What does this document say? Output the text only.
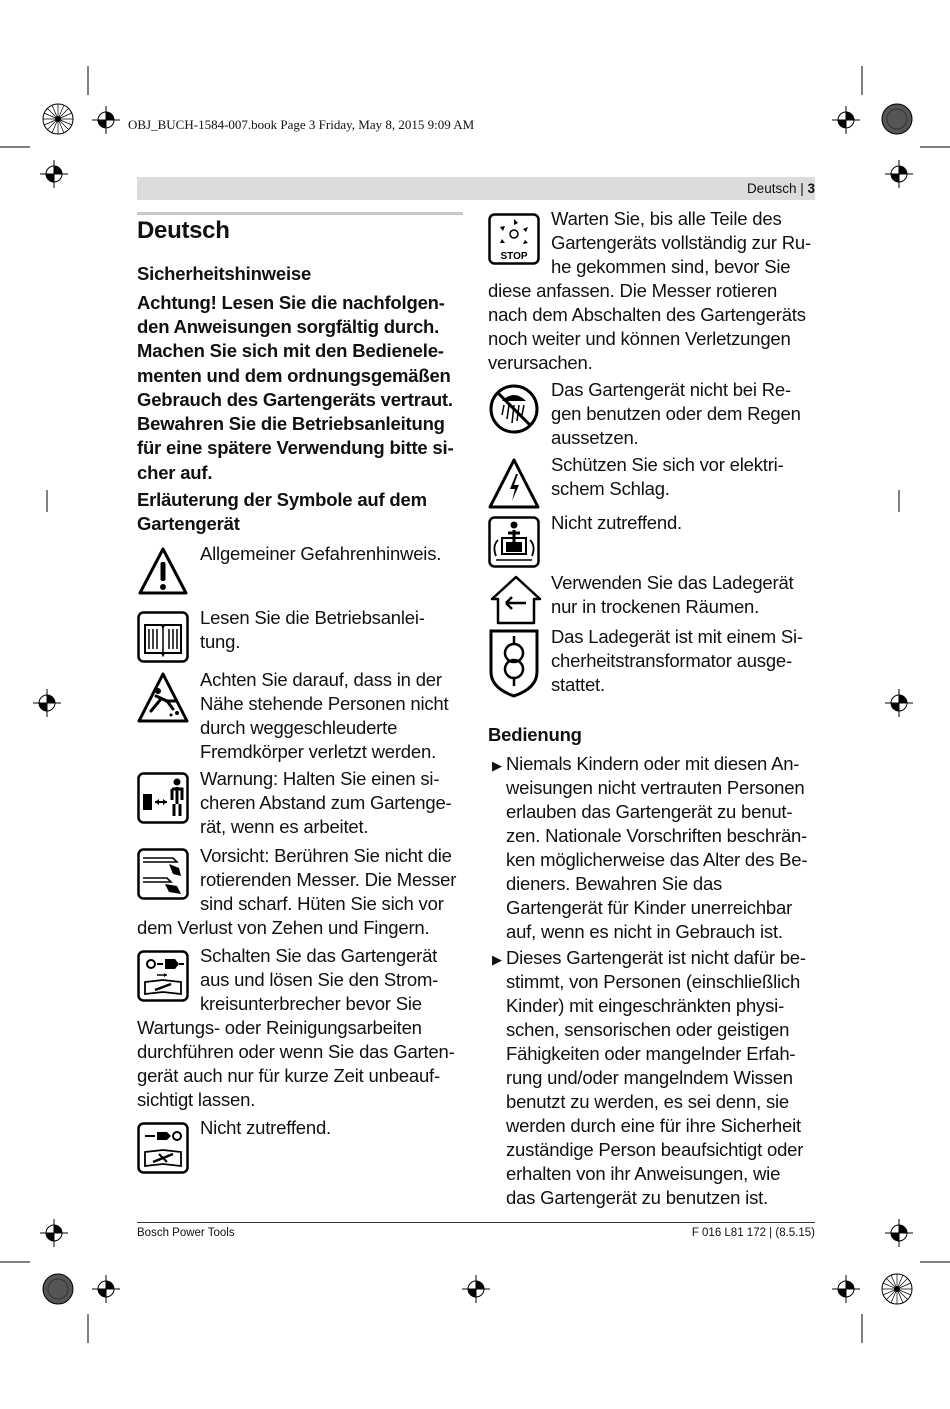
OBJ_BUCH-1584-007.book Page 3 Friday, May 8, 2015 9:09 AM
Deutsch | 3
Deutsch
Sicherheitshinweise
Achtung! Lesen Sie die nachfolgen-
den Anweisungen sorgfältig durch.
Machen Sie sich mit den Bedienele-
menten und dem ordnungsgemäßen
Gebrauch des Gartengeräts vertraut.
Bewahren Sie die Betriebsanleitung
für eine spätere Verwendung bitte si-
cher auf.
Erläuterung der Symbole auf dem
Gartengerät
Allgemeiner Gefahrenhinweis.
Lesen Sie die Betriebsanlei-
tung.
Achten Sie darauf, dass in der
Nähe stehende Personen nicht
durch weggeschleuderte
Fremdkörper verletzt werden.
Warnung: Halten Sie einen si-
cheren Abstand zum Gartenge-
rät, wenn es arbeitet.
Vorsicht: Berühren Sie nicht die
rotierenden Messer. Die Messer
sind scharf. Hüten Sie sich vor
dem Verlust von Zehen und Fingern.
Schalten Sie das Gartengerät
aus und lösen Sie den Strom-
kreisunterbrecher bevor Sie
Wartungs- oder Reinigungsarbeiten
durchführen oder wenn Sie das Garten-
gerät auch nur für kurze Zeit unbeauf-
sichtigt lassen.
Nicht zutreffend.
STOP
Warten Sie, bis alle Teile des
Gartengeräts vollständig zur Ru-
he gekommen sind, bevor Sie
diese anfassen. Die Messer rotieren
nach dem Abschalten des Gartengeräts
noch weiter und können Verletzungen
verursachen.
Das Gartengerät nicht bei Re-
gen benutzen oder dem Regen
aussetzen.
Schützen Sie sich vor elektri-
schem Schlag.
Nicht zutreffend.
Verwenden Sie das Ladegerät
nur in trockenen Räumen.
Das Ladegerät ist mit einem Si-
cherheitstransformator ausge-
stattet.
Bedienung
▶ Niemals Kindern oder mit diesen An-
weisungen nicht vertrauten Personen
erlauben das Gartengerät zu benut-
zen. Nationale Vorschriften beschrän-
ken möglicherweise das Alter des Be-
dieners. Bewahren Sie das
Gartengerät für Kinder unerreichbar
auf, wenn es nicht in Gebrauch ist.
▶ Dieses Gartengerät ist nicht dafür be-
stimmt, von Personen (einschließlich
Kinder) mit eingeschränkten physi-
schen, sensorischen oder geistigen
Fähigkeiten oder mangelnder Erfah-
rung und/oder mangelndem Wissen
benutzt zu werden, es sei denn, sie
werden durch eine für ihre Sicherheit
zuständige Person beaufsichtigt oder
erhalten von ihr Anweisungen, wie
das Gartengerät zu benutzen ist.
Bosch Power Tools	F 016 L81 172 | (8.5.15)
